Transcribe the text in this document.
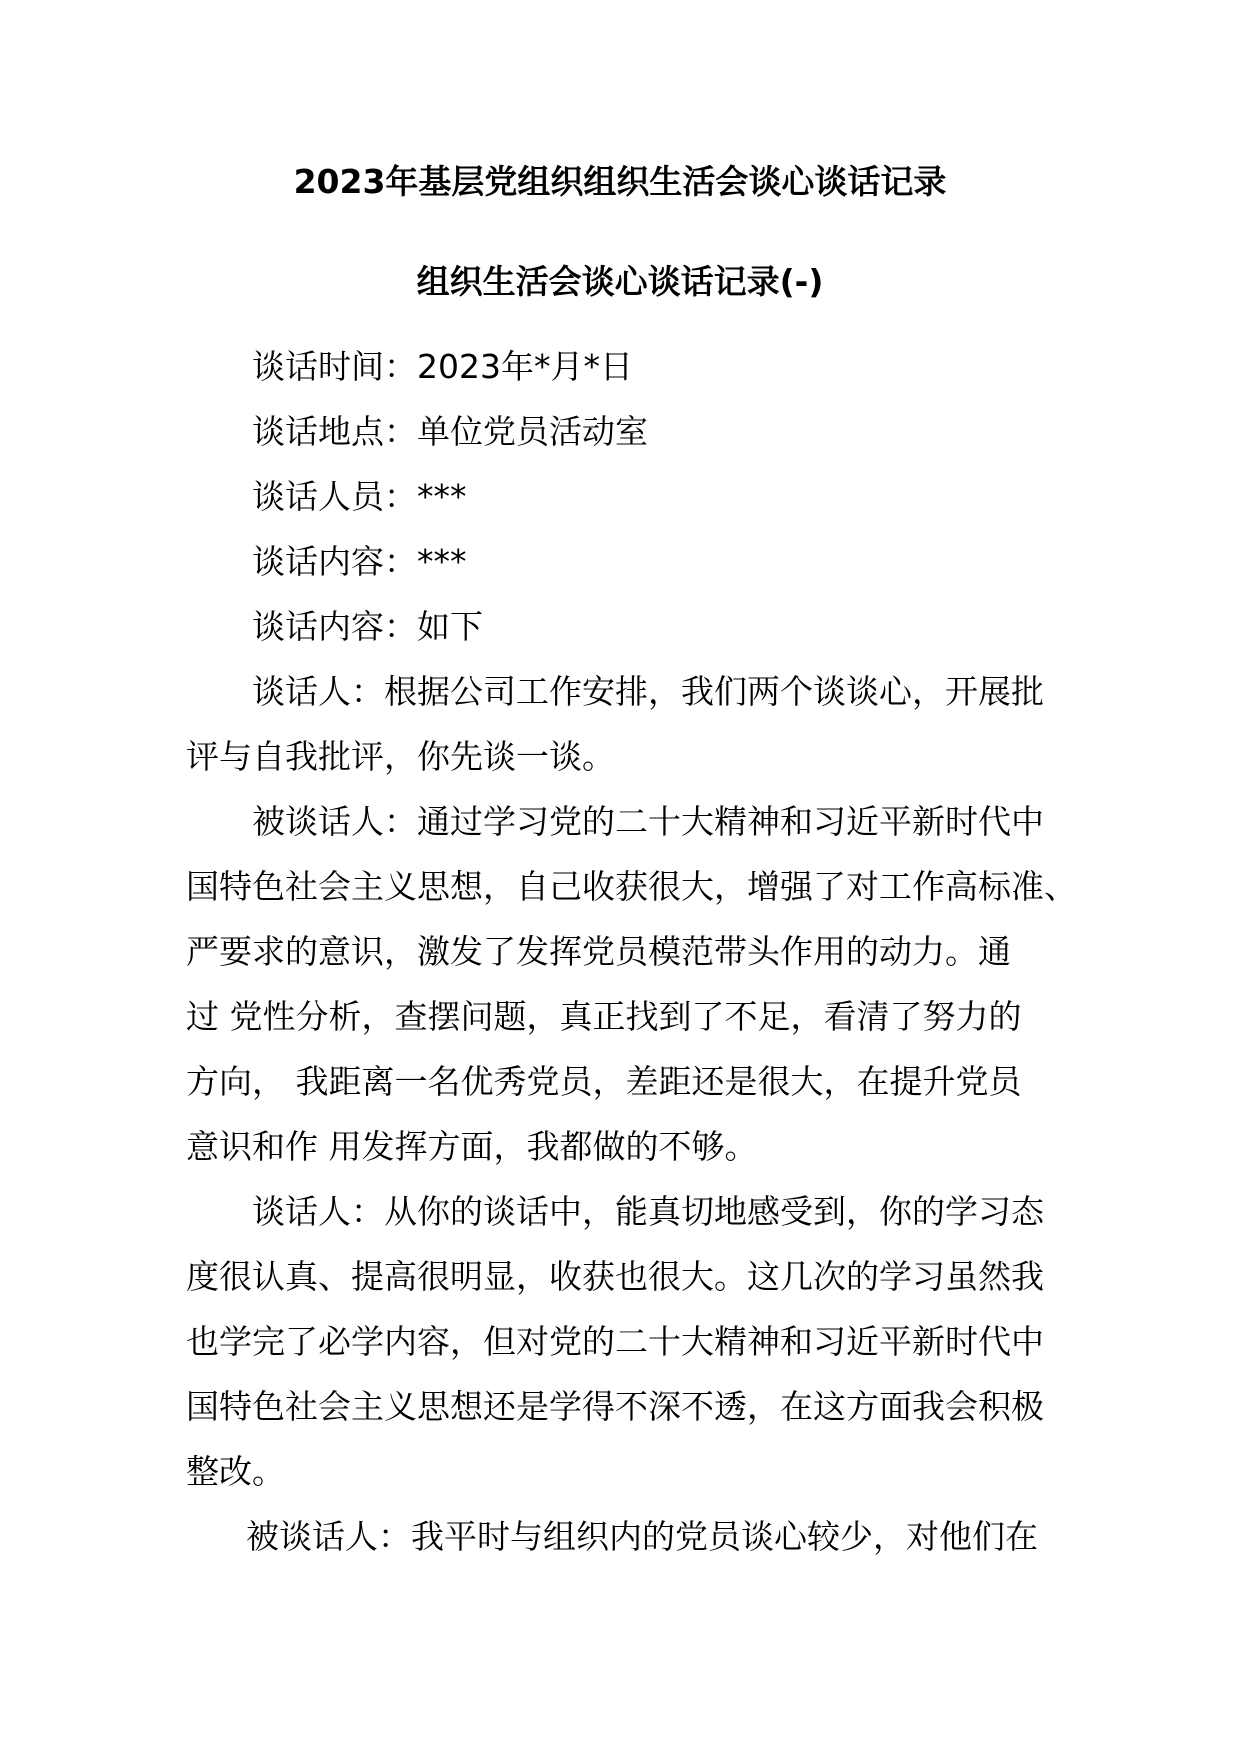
2023年基层党组织组织生活会谈心谈话记录
组织生活会谈心谈话记录(-)
谈话时间：2023年*月*日
谈话地点：单位党员活动室
谈话人员：***
谈话内容：***
谈话内容：如下
谈话人：根据公司工作安排，我们两个谈谈心，开展批
评与自我批评，你先谈一谈。
被谈话人：通过学习党的二十大精神和习近平新时代中
国特色社会主义思想，自己收获很大，增强了对工作高标准、
严要求的意识，激发了发挥党员模范带头作用的动力。通
过 党性分析，查摆问题，真正找到了不足，看清了努力的
方向， 我距离一名优秀党员，差距还是很大，在提升党员
意识和作 用发挥方面，我都做的不够。
谈话人：从你的谈话中，能真切地感受到，你的学习态
度很认真、提高很明显，收获也很大。这几次的学习虽然我
也学完了必学内容，但对党的二十大精神和习近平新时代中
国特色社会主义思想还是学得不深不透，在这方面我会积极
整改。
被谈话人：我平时与组织内的党员谈心较少，对他们在
